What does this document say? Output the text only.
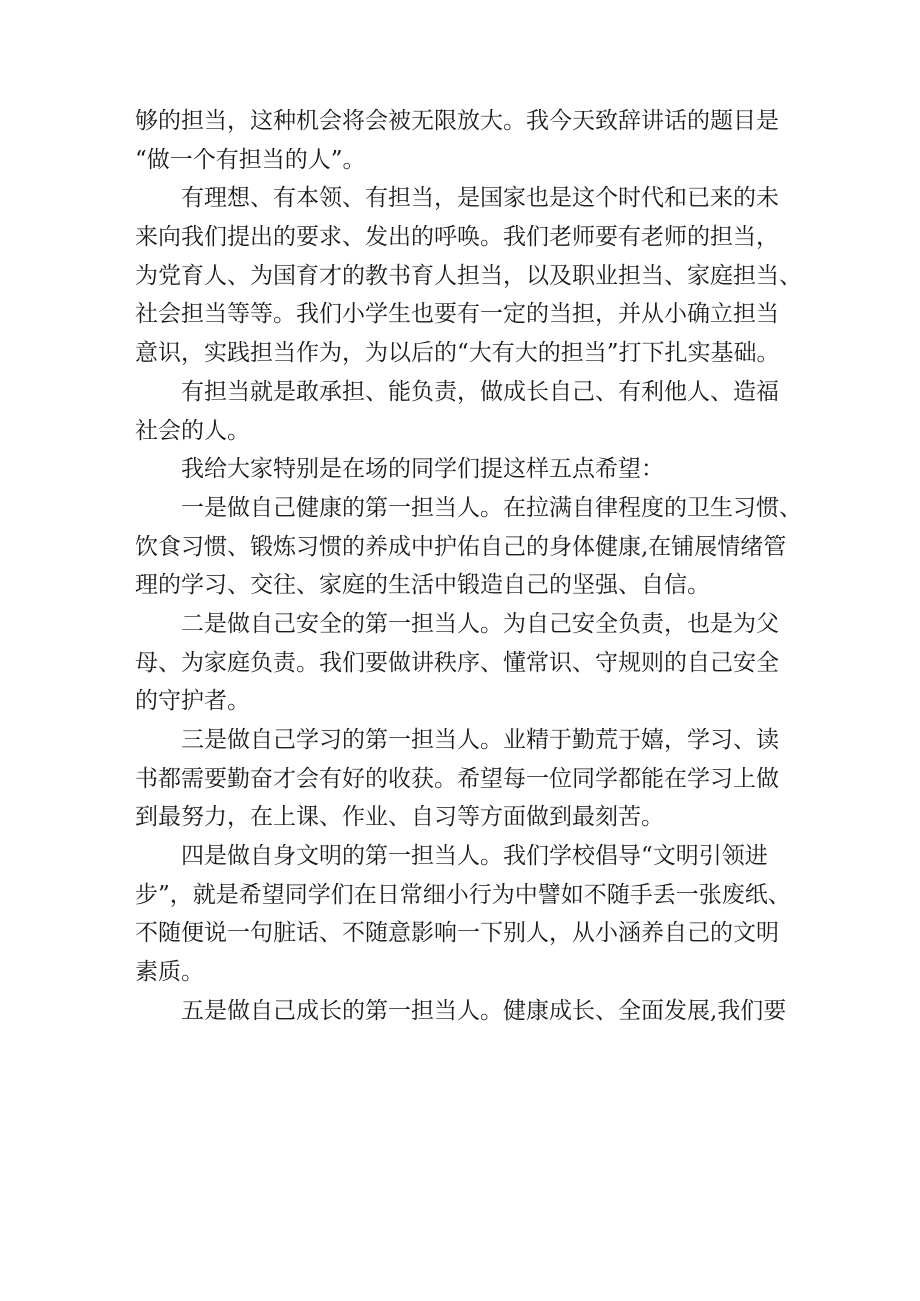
够的担当，这种机会将会被无限放大。我今天致辞讲话的题目是
“做一个有担当的人”。
有理想、有本领、有担当，是国家也是这个时代和已来的未
来向我们提出的要求、发出的呼唤。我们老师要有老师的担当，
为党育人、为国育才的教书育人担当，以及职业担当、家庭担当、
社会担当等等。我们小学生也要有一定的当担，并从小确立担当
意识，实践担当作为，为以后的“大有大的担当”打下扎实基础。
有担当就是敢承担、能负责，做成长自己、有利他人、造福
社会的人。
我给大家特别是在场的同学们提这样五点希望：
一是做自己健康的第一担当人。在拉满自律程度的卫生习惯、
饮食习惯、锻炼习惯的养成中护佑自己的身体健康,在铺展情绪管
理的学习、交往、家庭的生活中锻造自己的坚强、自信。
二是做自己安全的第一担当人。为自己安全负责，也是为父
母、为家庭负责。我们要做讲秩序、懂常识、守规则的自己安全
的守护者。
三是做自己学习的第一担当人。业精于勤荒于嬉，学习、读
书都需要勤奋才会有好的收获。希望每一位同学都能在学习上做
到最努力，在上课、作业、自习等方面做到最刻苦。
四是做自身文明的第一担当人。我们学校倡导“文明引领进
步”，就是希望同学们在日常细小行为中譬如不随手丢一张废纸、
不随便说一句脏话、不随意影响一下别人，从小涵养自己的文明
素质。
五是做自己成长的第一担当人。健康成长、全面发展,我们要
